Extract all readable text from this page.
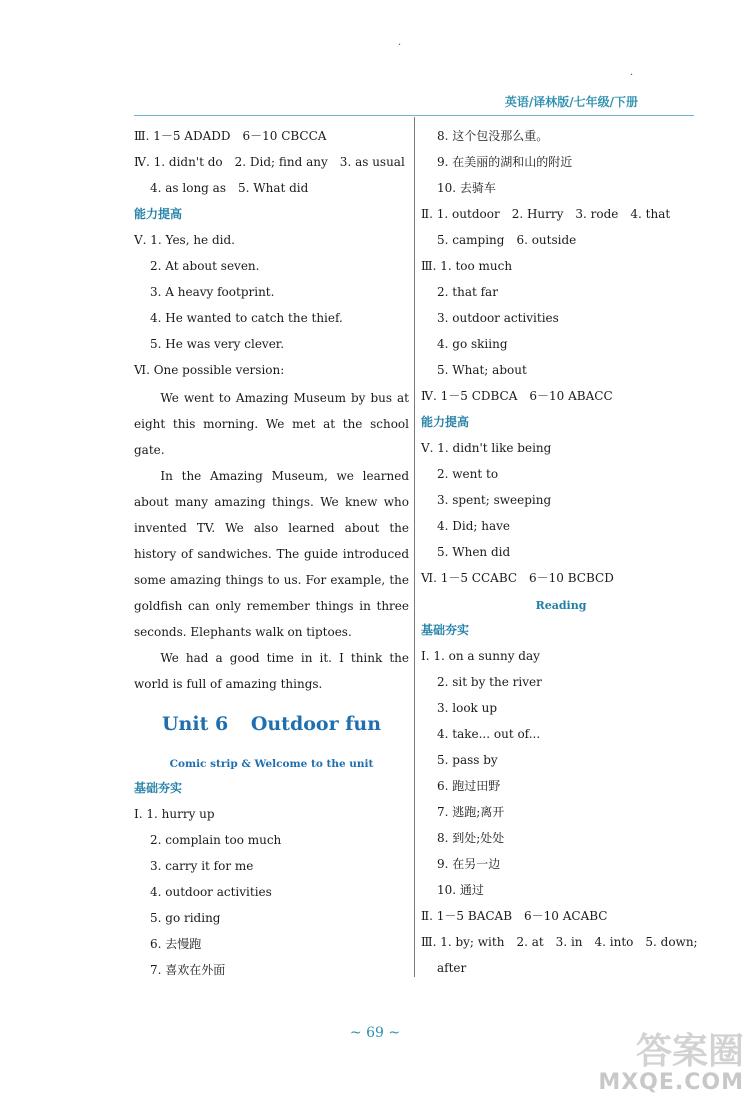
·
·
英语/译林版/七年级/下册
Ⅲ. 1－5 ADADD　6－10 CBCCA
Ⅳ. 1. didn't do　2. Did; find any　3. as usual
4. as long as　5. What did
能力提高
Ⅴ. 1. Yes, he did.
2. At about seven.
3. A heavy footprint.
4. He wanted to catch the thief.
5. He was very clever.
Ⅵ. One possible version:

We went to Amazing Museum by bus at eight this morning. We met at the school gate.

In the Amazing Museum, we learned about many amazing things. We knew who invented TV. We also learned about the history of sandwiches. The guide introduced some amazing things to us. For example, the goldfish can only remember things in three seconds. Elephants walk on tiptoes.

We had a good time in it. I think the world is full of amazing things.

Unit 6 Outdoor fun
Comic strip & Welcome to the unit
基础夯实
Ⅰ. 1. hurry up
2. complain too much
3. carry it for me
4. outdoor activities
5. go riding
6. 去慢跑
7. 喜欢在外面
8. 这个包没那么重。
9. 在美丽的湖和山的附近
10. 去骑车
Ⅱ. 1. outdoor　2. Hurry　3. rode　4. that
5. camping　6. outside
Ⅲ. 1. too much
2. that far
3. outdoor activities
4. go skiing
5. What; about
Ⅳ. 1－5 CDBCA　6－10 ABACC
能力提高
Ⅴ. 1. didn't like being
2. went to
3. spent; sweeping
4. Did; have
5. When did
Ⅵ. 1－5 CCABC　6－10 BCBCD
Reading
基础夯实
Ⅰ. 1. on a sunny day
2. sit by the river
3. look up
4. take... out of...
5. pass by
6. 跑过田野
7. 逃跑;离开
8. 到处;处处
9. 在另一边
10. 通过
Ⅱ. 1－5 BACAB　6－10 ACABC
Ⅲ. 1. by; with　2. at　3. in　4. into　5. down;
after
~ 69 ~	答案圈
MXQE.COM
